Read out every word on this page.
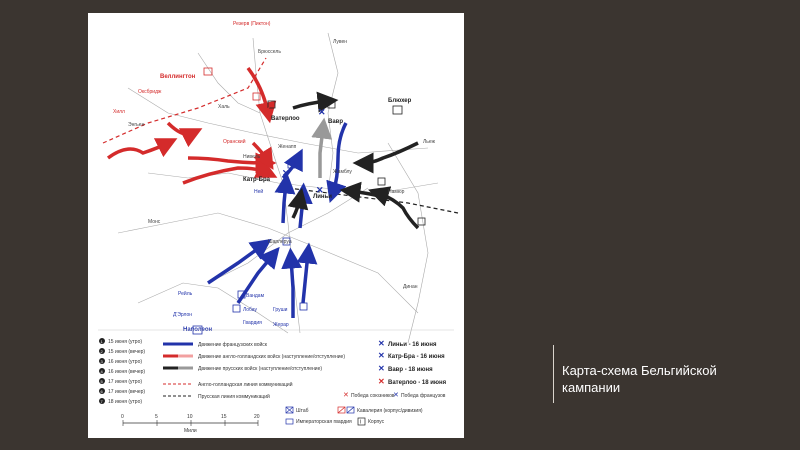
✕	✕
✕
✕
Веллингтон
Блюхер
Наполеон
Брюссель
Резерв (Пиктон)
Ватерлоо	Вавр
Катр-Бра
Линьи
Халь
Энгьен
Шарлеруа
Нивель
Монс
Женапп
Намюр
Жамблу
Динан
Лувен
Льеж
Рейль
Ней
Д'Эрлон
Вандам
Лобау	Груши
Жерар
Оранский
Хилл
Оксбридж
Гвардия
1 15 июня (утро)
2 15 июня (вечер)
3 16 июня (утро)
4 16 июня (вечер)
5 17 июня (утро)
6 17 июня (вечер)
7 18 июня (утро)
Движение французских войск
Движение англо-голландских войск (наступление/отступление)
Движение прусских войск (наступление/отступление)
Англо-голландская линия коммуникаций
Прусская линия коммуникаций
✕ Линьи - 16 июня
✕ Катр-Бра - 16 июня
✕ Вавр - 18 июня
✕ Ватерлоо - 18 июня
✕ Победа союзников
✕ Победа французов
Штаб	Кавалерия (корпус/дивизия)
Императорская гвардия I Корпус
0	5	10	15	20
Мили
Карта-схема Бельгийской
кампании
